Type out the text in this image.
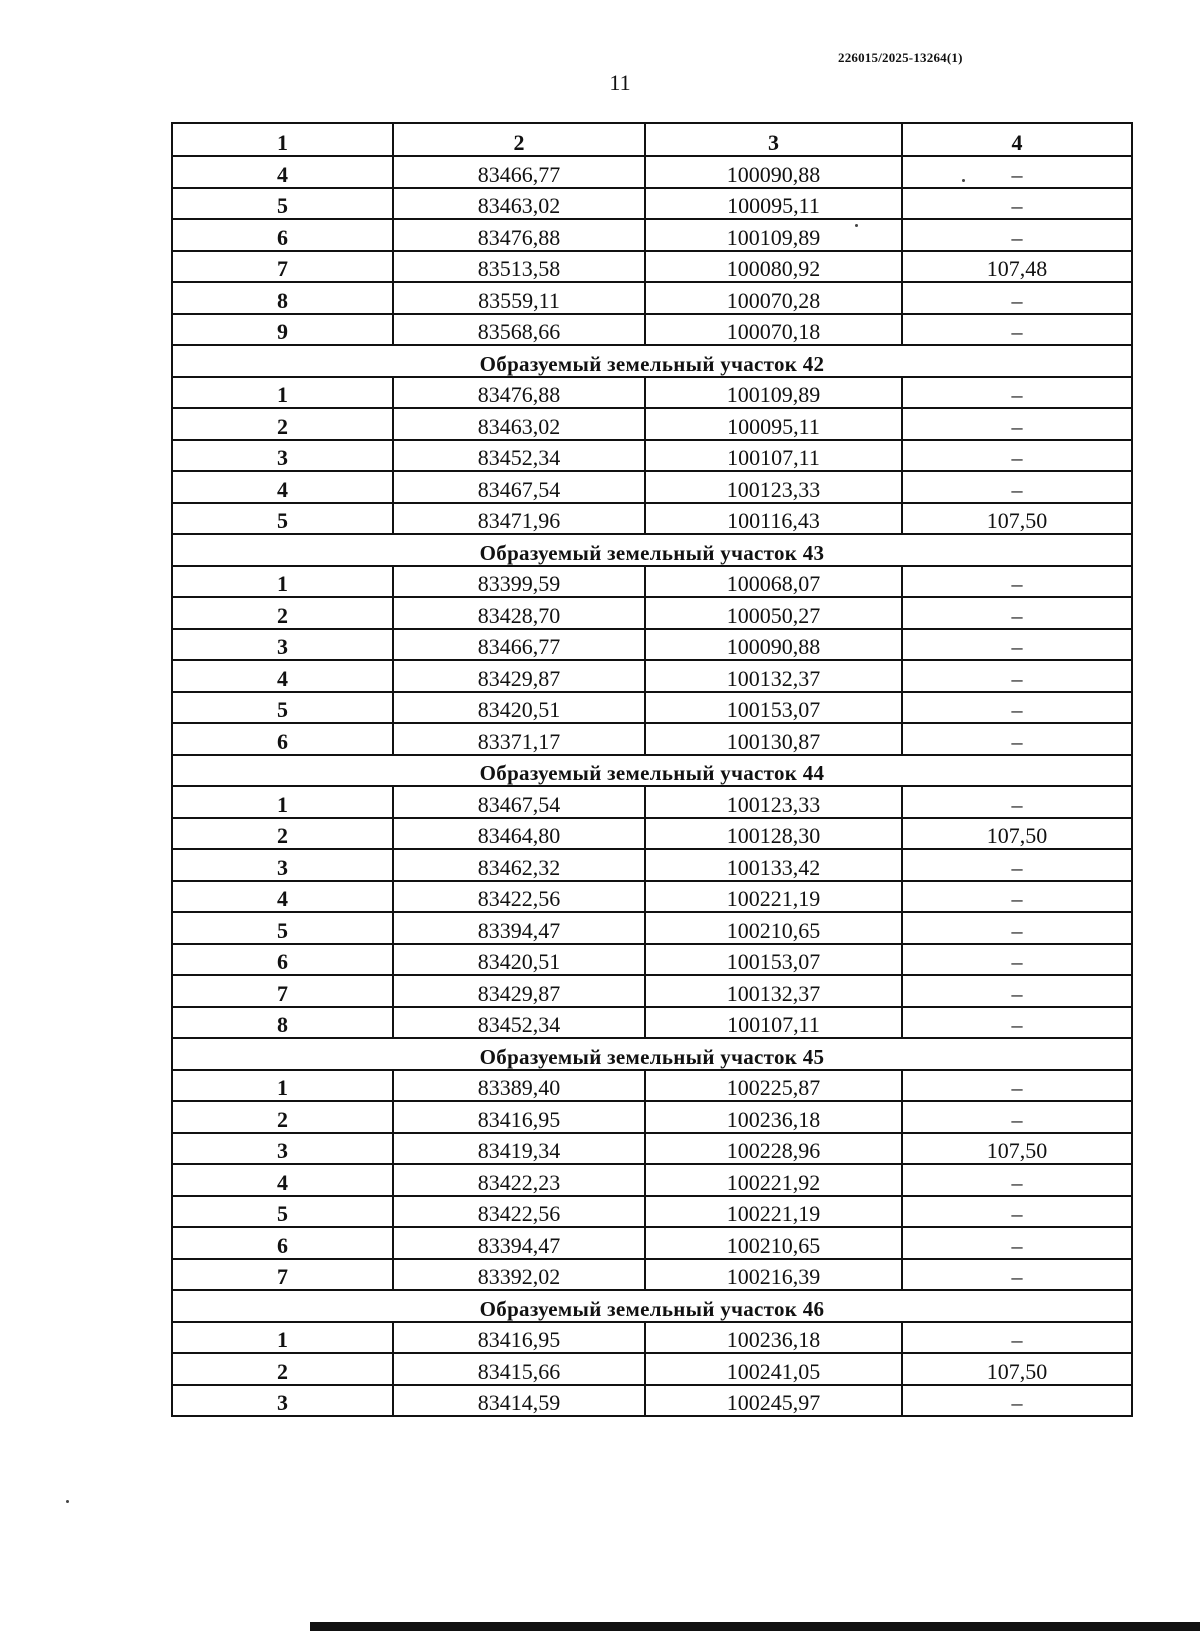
226015/2025-13264(1)
11
1	2	3	4
4	83466,77	100090,88	–
5	83463,02	100095,11	–
6	83476,88	100109,89	–
7	83513,58	100080,92	107,48
8	83559,11	100070,28	–
9	83568,66	100070,18	–
Образуемый земельный участок 42			
1	83476,88	100109,89	–
2	83463,02	100095,11	–
3	83452,34	100107,11	–
4	83467,54	100123,33	–
5	83471,96	100116,43	107,50
Образуемый земельный участок 43			
1	83399,59	100068,07	–
2	83428,70	100050,27	–
3	83466,77	100090,88	–
4	83429,87	100132,37	–
5	83420,51	100153,07	–
6	83371,17	100130,87	–
Образуемый земельный участок 44			
1	83467,54	100123,33	–
2	83464,80	100128,30	107,50
3	83462,32	100133,42	–
4	83422,56	100221,19	–
5	83394,47	100210,65	–
6	83420,51	100153,07	–
7	83429,87	100132,37	–
8	83452,34	100107,11	–
Образуемый земельный участок 45			
1	83389,40	100225,87	–
2	83416,95	100236,18	–
3	83419,34	100228,96	107,50
4	83422,23	100221,92	–
5	83422,56	100221,19	–
6	83394,47	100210,65	–
7	83392,02	100216,39	–
Образуемый земельный участок 46			
1	83416,95	100236,18	–
2	83415,66	100241,05	107,50
3	83414,59	100245,97	–
